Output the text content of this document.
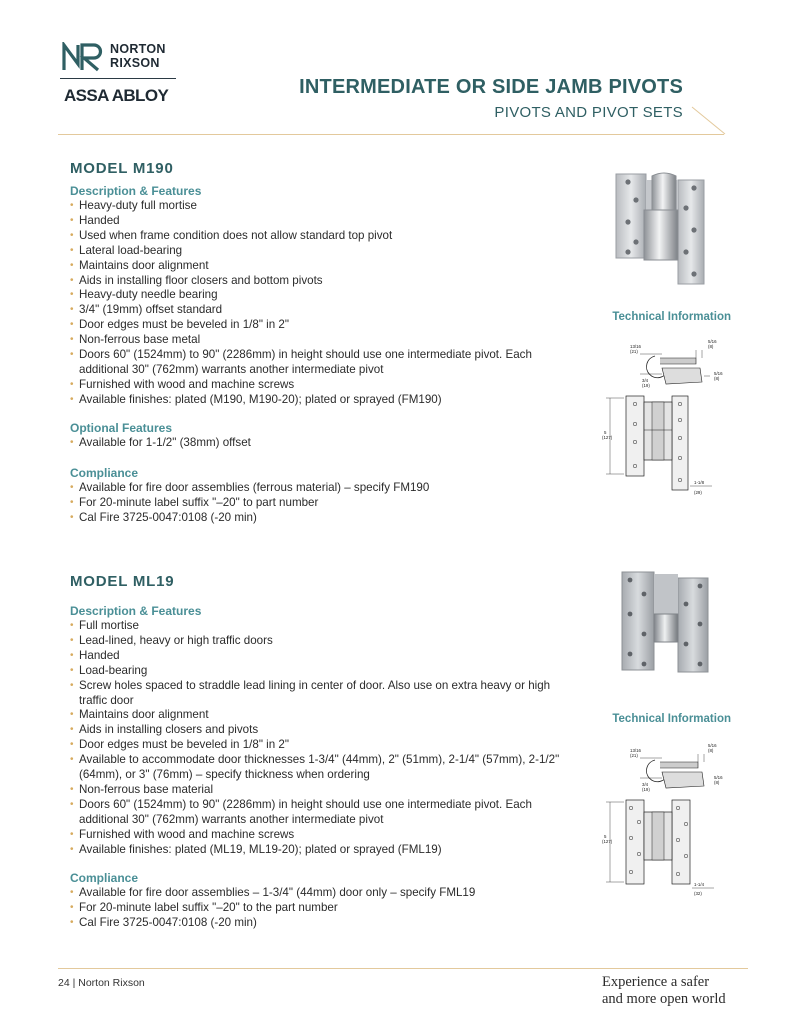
NORTON
RIXSON
ASSA ABLOY	INTERMEDIATE OR SIDE JAMB PIVOTS
PIVOTS AND PIVOT SETS
MODEL M190
Description & Features
• Heavy-duty full mortise
• Handed
• Used when frame condition does not allow standard top pivot
• Lateral load-bearing
• Maintains door alignment
• Aids in installing floor closers and bottom pivots
• Heavy-duty needle bearing
• 3/4" (19mm) offset standard
• Door edges must be beveled in 1/8" in 2"
• Non-ferrous base metal
• Doors 60" (1524mm) to 90" (2286mm) in height should use one intermediate pivot. Each additional 30" (762mm) warrants another intermediate pivot
• Furnished with wood and machine screws
• Available finishes: plated (M190, M190-20); plated or sprayed (FM190)
Optional Features
• Available for 1-1/2" (38mm) offset
Compliance
• Available for fire door assemblies (ferrous material) – specify FM190
• For 20-minute label suffix "–20" to part number
• Cal Fire 3725-0047:0108 (-20 min)
Technical Information
13/16
(21)
5/16
(8)
3/4
(19)
5/16
(8)
5
(127)
1-1/8
(29)
MODEL ML19
Description & Features
• Full mortise
• Lead-lined, heavy or high traffic doors
• Handed
• Load-bearing
• Screw holes spaced to straddle lead lining in center of door. Also use on extra heavy or high traffic door
• Maintains door alignment
• Aids in installing closers and pivots
• Door edges must be beveled in 1/8" in 2"
• Available to accommodate door thicknesses 1-3/4" (44mm), 2" (51mm), 2-1/4" (57mm), 2-1/2" (64mm), or 3" (76mm) – specify thickness when ordering
• Non-ferrous base material
• Doors 60" (1524mm) to 90" (2286mm) in height should use one intermediate pivot. Each additional 30" (762mm) warrants another intermediate pivot
• Furnished with wood and machine screws
• Available finishes: plated (ML19, ML19-20); plated or sprayed (FML19)
Compliance
• Available for fire door assemblies – 1-3/4" (44mm) door only – specify FML19
• For 20-minute label suffix "–20" to the part number
• Cal Fire 3725-0047:0108 (-20 min)
Technical Information
13/16
(21)
5/16
(8)
3/4
(19)
5/16
(8)
5
(127)
1-1/4
(32)
24 | Norton Rixson	Experience a safer
and more open world
